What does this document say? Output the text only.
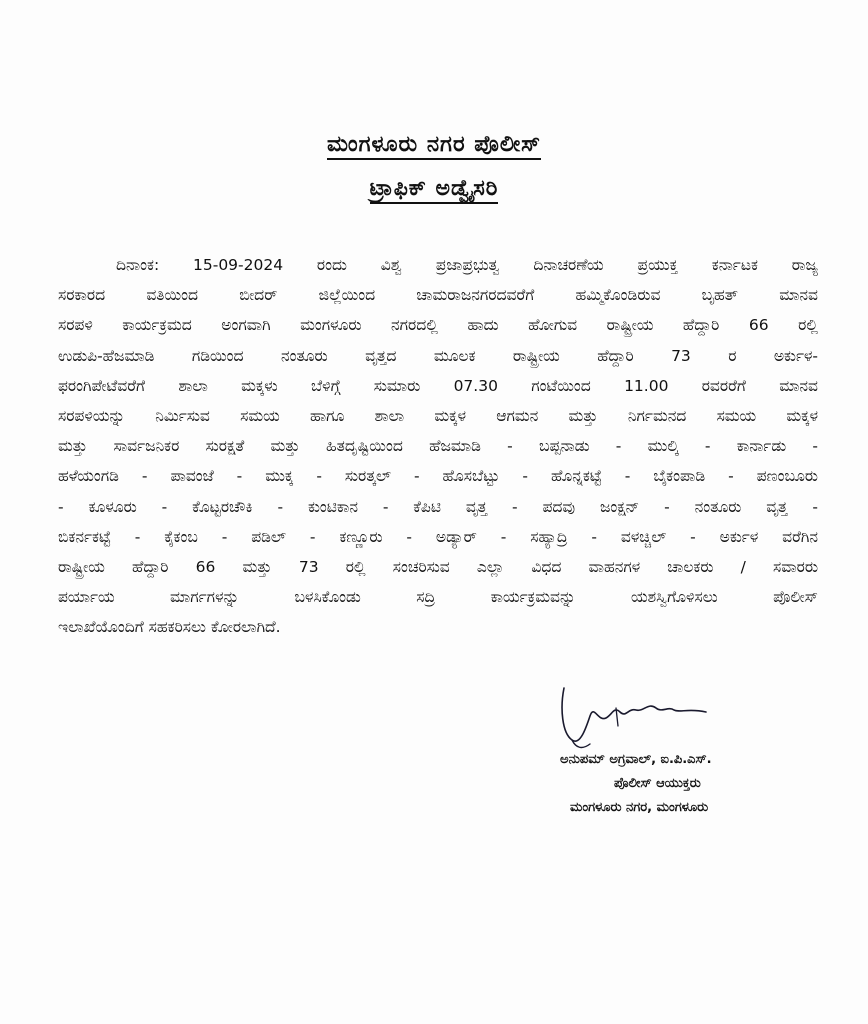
ಮಂಗಳೂರು ನಗರ ಪೊಲೀಸ್
ಟ್ರಾಫಿಕ್ ಅಡ್ವೈಸರಿ
ದಿನಾಂಕ: 15-09-2024 ರಂದು ವಿಶ್ವ ಪ್ರಜಾಪ್ರಭುತ್ವ ದಿನಾಚರಣೆಯ ಪ್ರಯುಕ್ತ ಕರ್ನಾಟಕ ರಾಜ್ಯ
ಸರಕಾರದ ವತಿಯಿಂದ ಬೀದರ್ ಜಿಲ್ಲೆಯಿಂದ ಚಾಮರಾಜನಗರದವರೆಗೆ ಹಮ್ಮಿಕೊಂಡಿರುವ ಬೃಹತ್ ಮಾನವ
ಸರಪಳಿ ಕಾರ್ಯಕ್ರಮದ ಅಂಗವಾಗಿ ಮಂಗಳೂರು ನಗರದಲ್ಲಿ ಹಾದು ಹೋಗುವ ರಾಷ್ಟ್ರೀಯ ಹೆದ್ದಾರಿ 66 ರಲ್ಲಿ
ಉಡುಪಿ-ಹೆಜಮಾಡಿ ಗಡಿಯಿಂದ ನಂತೂರು ವೃತ್ತದ ಮೂಲಕ ರಾಷ್ಟ್ರೀಯ ಹೆದ್ದಾರಿ 73 ರ ಅರ್ಕುಳ-
ಫರಂಗಿಪೇಟೆವರೆಗೆ ಶಾಲಾ ಮಕ್ಕಳು ಬೆಳಿಗ್ಗೆ ಸುಮಾರು 07.30 ಗಂಟೆಯಿಂದ 11.00 ರವರರೆಗೆ ಮಾನವ
ಸರಪಳಿಯನ್ನು ನಿರ್ಮಿಸುವ ಸಮಯ ಹಾಗೂ ಶಾಲಾ ಮಕ್ಕಳ ಆಗಮನ ಮತ್ತು ನಿರ್ಗಮನದ ಸಮಯ ಮಕ್ಕಳ
ಮತ್ತು ಸಾರ್ವಜನಿಕರ ಸುರಕ್ಷತೆ ಮತ್ತು ಹಿತದೃಷ್ಟಿಯಿಂದ ಹೆಜಮಾಡಿ - ಬಪ್ಪನಾಡು - ಮುಲ್ಕಿ - ಕಾರ್ನಾಡು -
ಹಳೆಯಂಗಡಿ - ಪಾವಂಜೆ - ಮುಕ್ಕ - ಸುರತ್ಕಲ್ - ಹೊಸಬೆಟ್ಟು - ಹೊನ್ನಕಟ್ಟೆ - ಬೈಕಂಪಾಡಿ - ಪಣಂಬೂರು
- ಕೂಳೂರು - ಕೊಟ್ಟರಚೌಕಿ - ಕುಂಟಿಕಾನ - ಕೆಪಿಟಿ ವೃತ್ತ - ಪದವು ಜಂಕ್ಷನ್ - ನಂತೂರು ವೃತ್ತ -
ಬಿಕರ್ನಕಟ್ಟೆ - ಕೈಕಂಬ - ಪಡಿಲ್ - ಕಣ್ಣೂರು - ಅಡ್ಯಾರ್ - ಸಹ್ಯಾದ್ರಿ - ವಳಚ್ಚಿಲ್ - ಅರ್ಕುಳ ವರೆಗಿನ
ರಾಷ್ಟ್ರೀಯ ಹೆದ್ದಾರಿ 66 ಮತ್ತು 73 ರಲ್ಲಿ ಸಂಚರಿಸುವ ಎಲ್ಲಾ ವಿಧದ ವಾಹನಗಳ ಚಾಲಕರು / ಸವಾರರು
ಪರ್ಯಾಯ ಮಾರ್ಗಗಳನ್ನು ಬಳಸಿಕೊಂಡು ಸದ್ರಿ ಕಾರ್ಯಕ್ರಮವನ್ನು ಯಶಸ್ವಿಗೊಳಿಸಲು ಪೊಲೀಸ್
ಇಲಾಖೆಯೊಂದಿಗೆ ಸಹಕರಿಸಲು ಕೋರಲಾಗಿದೆ.
ಅನುಪಮ್ ಅಗ್ರವಾಲ್, ಐ.ಪಿ.ಎಸ್.
ಪೊಲೀಸ್ ಆಯುಕ್ತರು
ಮಂಗಳೂರು ನಗರ, ಮಂಗಳೂರು
